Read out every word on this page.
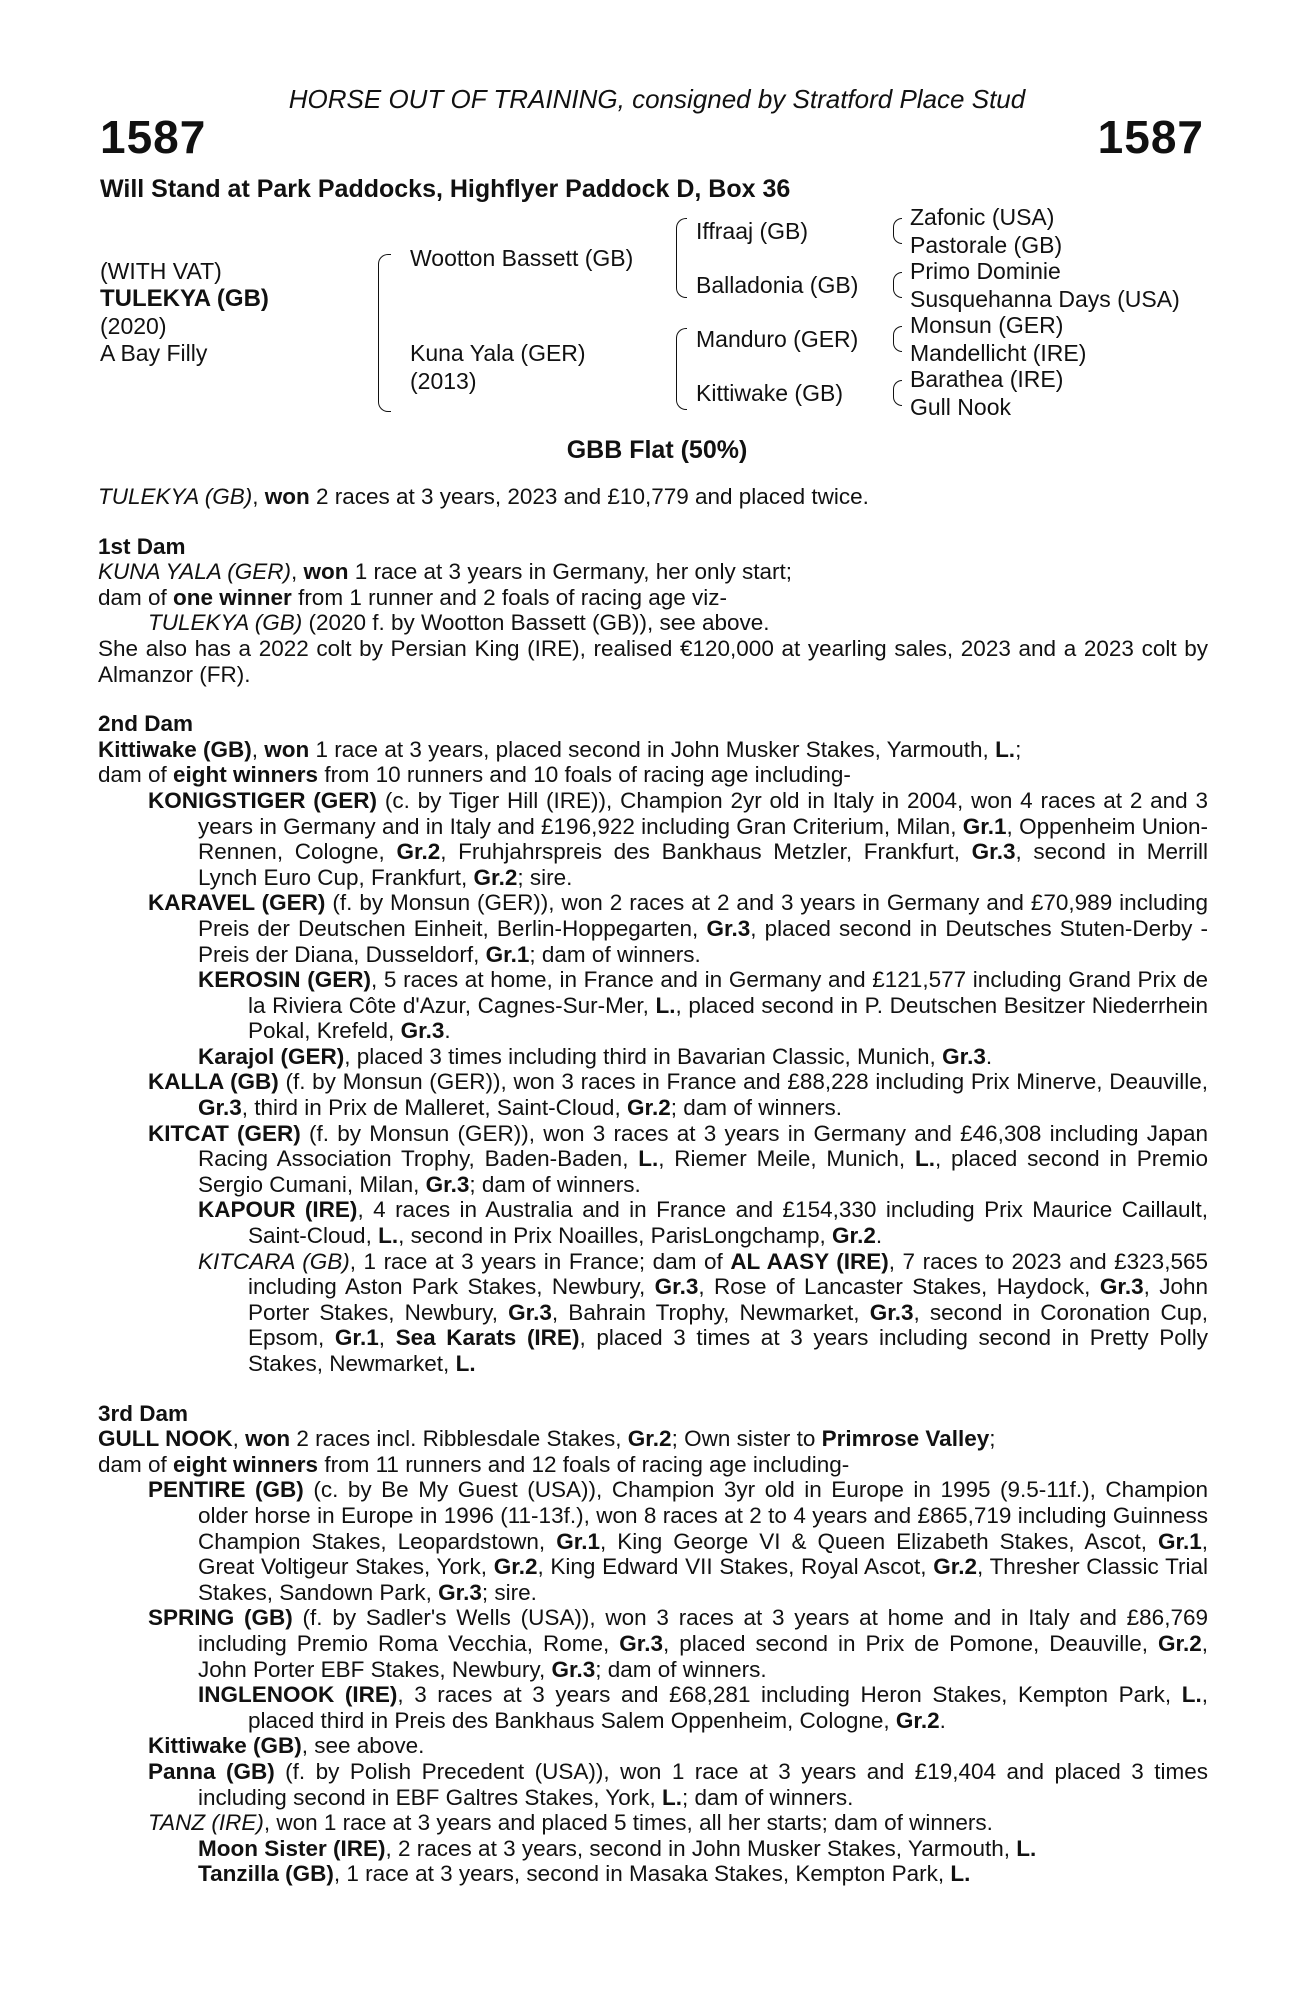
HORSE OUT OF TRAINING, consigned by Stratford Place Stud
1587	1587
Will Stand at Park Paddocks, Highflyer Paddock D, Box 36
(WITH VAT)
TULEKYA (GB)
(2020)
A Bay Filly
Wootton Bassett (GB)
Kuna Yala (GER)
(2013)
Iffraaj (GB)
Balladonia (GB)
Manduro (GER)
Kittiwake (GB)
Zafonic (USA)
Pastorale (GB)
Primo Dominie
Susquehanna Days (USA)
Monsun (GER)
Mandellicht (IRE)
Barathea (IRE)
Gull Nook
GBB Flat (50%)

TULEKYA (GB), won 2 races at 3 years, 2023 and £10,779 and placed twice.

1st Dam

KUNA YALA (GER), won 1 race at 3 years in Germany, her only start;

dam of one winner from 1 runner and 2 foals of racing age viz-

TULEKYA (GB) (2020 f. by Wootton Bassett (GB)), see above.

She also has a 2022 colt by Persian King (IRE), realised €120,000 at yearling sales, 2023 and a 2023 colt by Almanzor (FR).

2nd Dam

Kittiwake (GB), won 1 race at 3 years, placed second in John Musker Stakes, Yarmouth, L.;

dam of eight winners from 10 runners and 10 foals of racing age including-

KONIGSTIGER (GER) (c. by Tiger Hill (IRE)), Champion 2yr old in Italy in 2004, won 4 races at 2 and 3 years in Germany and in Italy and £196,922 including Gran Criterium, Milan, Gr.1, Oppenheim Union-Rennen, Cologne, Gr.2, Fruhjahrspreis des Bankhaus Metzler, Frankfurt, Gr.3, second in Merrill Lynch Euro Cup, Frankfurt, Gr.2; sire.

KARAVEL (GER) (f. by Monsun (GER)), won 2 races at 2 and 3 years in Germany and £70,989 including Preis der Deutschen Einheit, Berlin-Hoppegarten, Gr.3, placed second in Deutsches Stuten-Derby - Preis der Diana, Dusseldorf, Gr.1; dam of winners.

KEROSIN (GER), 5 races at home, in France and in Germany and £121,577 including Grand Prix de la Riviera Côte d'Azur, Cagnes-Sur-Mer, L., placed second in P. Deutschen Besitzer Niederrhein Pokal, Krefeld, Gr.3.

Karajol (GER), placed 3 times including third in Bavarian Classic, Munich, Gr.3.

KALLA (GB) (f. by Monsun (GER)), won 3 races in France and £88,228 including Prix Minerve, Deauville, Gr.3, third in Prix de Malleret, Saint-Cloud, Gr.2; dam of winners.

KITCAT (GER) (f. by Monsun (GER)), won 3 races at 3 years in Germany and £46,308 including Japan Racing Association Trophy, Baden-Baden, L., Riemer Meile, Munich, L., placed second in Premio Sergio Cumani, Milan, Gr.3; dam of winners.

KAPOUR (IRE), 4 races in Australia and in France and £154,330 including Prix Maurice Caillault, Saint-Cloud, L., second in Prix Noailles, ParisLongchamp, Gr.2.

KITCARA (GB), 1 race at 3 years in France; dam of AL AASY (IRE), 7 races to 2023 and £323,565 including Aston Park Stakes, Newbury, Gr.3, Rose of Lancaster Stakes, Haydock, Gr.3, John Porter Stakes, Newbury, Gr.3, Bahrain Trophy, Newmarket, Gr.3, second in Coronation Cup, Epsom, Gr.1, Sea Karats (IRE), placed 3 times at 3 years including second in Pretty Polly Stakes, Newmarket, L.

3rd Dam

GULL NOOK, won 2 races incl. Ribblesdale Stakes, Gr.2; Own sister to Primrose Valley;

dam of eight winners from 11 runners and 12 foals of racing age including-

PENTIRE (GB) (c. by Be My Guest (USA)), Champion 3yr old in Europe in 1995 (9.5-11f.), Champion older horse in Europe in 1996 (11-13f.), won 8 races at 2 to 4 years and £865,719 including Guinness Champion Stakes, Leopardstown, Gr.1, King George VI & Queen Elizabeth Stakes, Ascot, Gr.1, Great Voltigeur Stakes, York, Gr.2, King Edward VII Stakes, Royal Ascot, Gr.2, Thresher Classic Trial Stakes, Sandown Park, Gr.3; sire.

SPRING (GB) (f. by Sadler's Wells (USA)), won 3 races at 3 years at home and in Italy and £86,769 including Premio Roma Vecchia, Rome, Gr.3, placed second in Prix de Pomone, Deauville, Gr.2, John Porter EBF Stakes, Newbury, Gr.3; dam of winners.

INGLENOOK (IRE), 3 races at 3 years and £68,281 including Heron Stakes, Kempton Park, L., placed third in Preis des Bankhaus Salem Oppenheim, Cologne, Gr.2.

Kittiwake (GB), see above.

Panna (GB) (f. by Polish Precedent (USA)), won 1 race at 3 years and £19,404 and placed 3 times including second in EBF Galtres Stakes, York, L.; dam of winners.

TANZ (IRE), won 1 race at 3 years and placed 5 times, all her starts; dam of winners.

Moon Sister (IRE), 2 races at 3 years, second in John Musker Stakes, Yarmouth, L.

Tanzilla (GB), 1 race at 3 years, second in Masaka Stakes, Kempton Park, L.
